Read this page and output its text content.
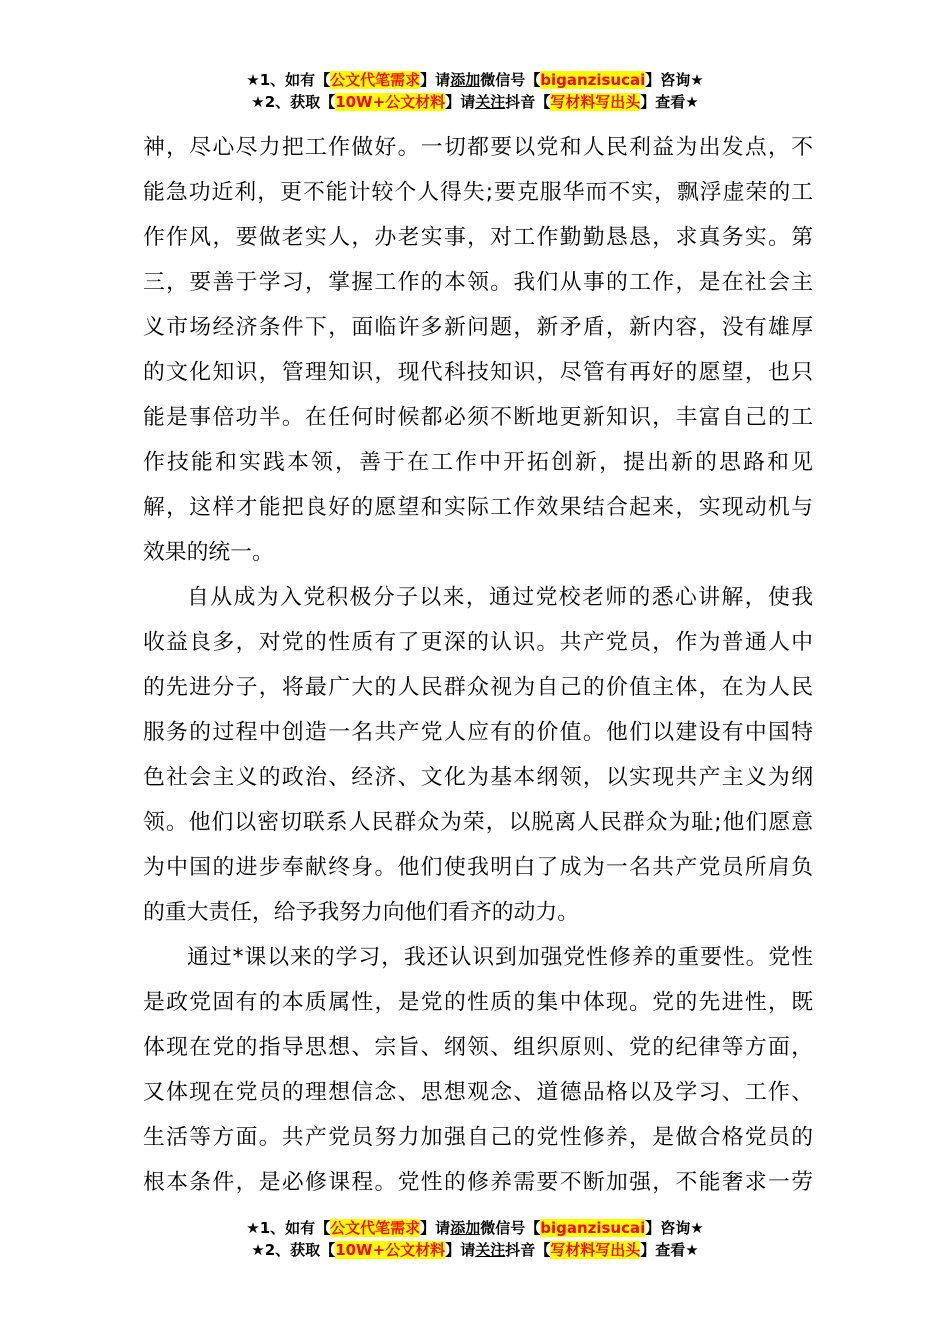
★1、如有【公文代笔需求】请添加微信号【biganzisucai】咨询★
★2、获取【10W+公文材料】请关注抖音【写材料写出头】查看★
神，尽心尽力把工作做好。一切都要以党和人民利益为出发点，不
能急功近利，更不能计较个人得失;要克服华而不实，飘浮虚荣的工
作作风，要做老实人，办老实事，对工作勤勤恳恳，求真务实。第
三，要善于学习，掌握工作的本领。我们从事的工作，是在社会主
义市场经济条件下，面临许多新问题，新矛盾，新内容，没有雄厚
的文化知识，管理知识，现代科技知识，尽管有再好的愿望，也只
能是事倍功半。在任何时候都必须不断地更新知识，丰富自己的工
作技能和实践本领，善于在工作中开拓创新，提出新的思路和见
解，这样才能把良好的愿望和实际工作效果结合起来，实现动机与
效果的统一。
自从成为入党积极分子以来，通过党校老师的悉心讲解，使我
收益良多，对党的性质有了更深的认识。共产党员，作为普通人中
的先进分子，将最广大的人民群众视为自己的价值主体，在为人民
服务的过程中创造一名共产党人应有的价值。他们以建设有中国特
色社会主义的政治、经济、文化为基本纲领，以实现共产主义为纲
领。他们以密切联系人民群众为荣，以脱离人民群众为耻;他们愿意
为中国的进步奉献终身。他们使我明白了成为一名共产党员所肩负
的重大责任，给予我努力向他们看齐的动力。
通过*课以来的学习，我还认识到加强党性修养的重要性。党性
是政党固有的本质属性，是党的性质的集中体现。党的先进性，既
体现在党的指导思想、宗旨、纲领、组织原则、党的纪律等方面，
又体现在党员的理想信念、思想观念、道德品格以及学习、工作、
生活等方面。共产党员努力加强自己的党性修养，是做合格党员的
根本条件，是必修课程。党性的修养需要不断加强，不能奢求一劳
★1、如有【公文代笔需求】请添加微信号【biganzisucai】咨询★
★2、获取【10W+公文材料】请关注抖音【写材料写出头】查看★
